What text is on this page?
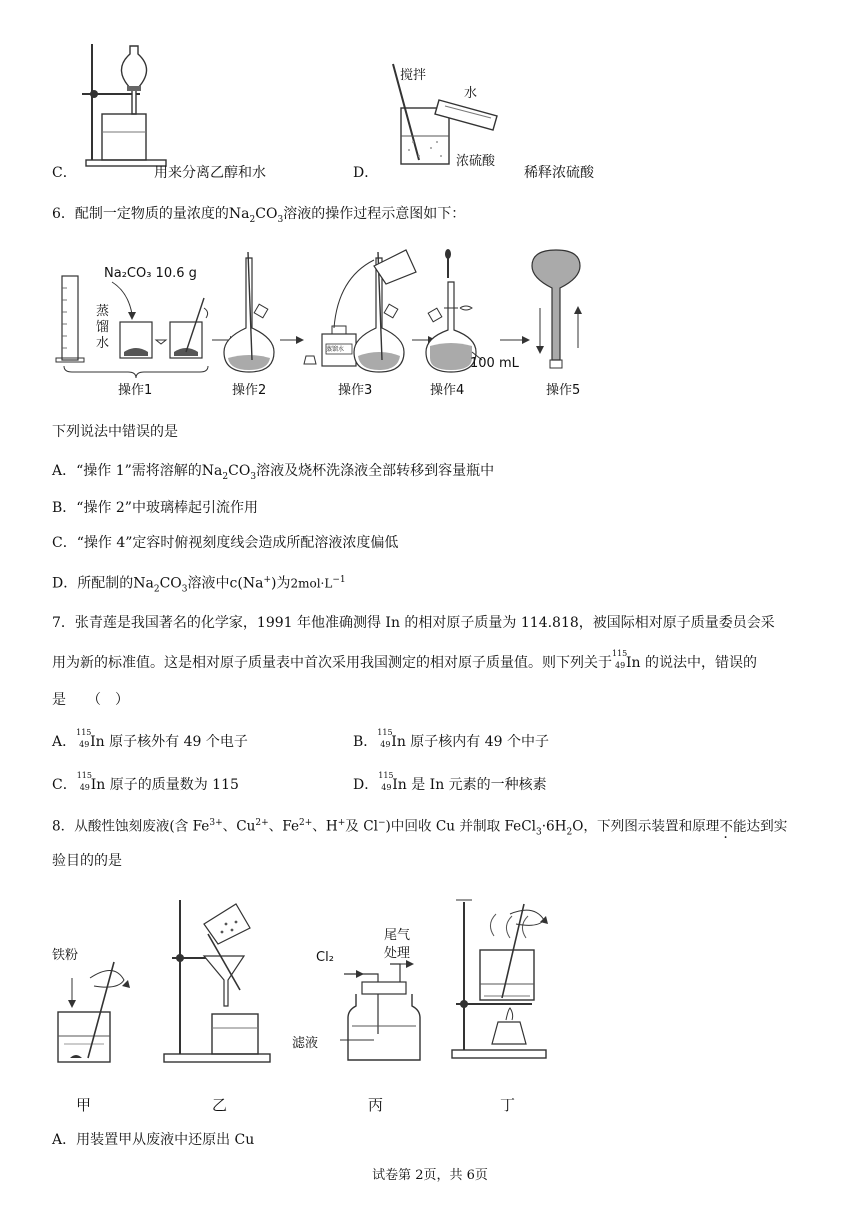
搅拌
水
浓硫酸
C．	用来分离乙醇和水	D．	稀释浓硫酸
6．配制一定物质的量浓度的$Na_2CO_3$溶液的操作过程示意图如下：
Na₂CO₃ 10.6 g
蒸馏水	蒸馏水
100 mL
操作1	操作2	操作3	操作4	操作5
下列说法中错误的是
A．“操作 1”需将溶解的$Na_2CO_3$溶液及烧杯洗涤液全部转移到容量瓶中
B．“操作 2”中玻璃棒起引流作用
C．“操作 4”定容时俯视刻度线会造成所配溶液浓度偏低
D．所配制的$Na_2CO_3$溶液中c(Na+)为$2mol\cdot L^{-1}$
7．张青莲是我国著名的化学家，1991 年他准确测得 In 的相对原子质量为 114.818，被国际相对原子质量委员会采
用为新的标准值。这是相对原子质量表中首次采用我国测定的相对原子质量值。则下列关于
115
49 In 的说法中，错误的
是　　（　）
A．
115
49 In 原子核外有 49 个电子	B．
115
49 In 原子核内有 49 个中子
C．
115
49 In 原子的质量数为 115	D．
115
49 In 是 In 元素的一种核素
8．从酸性蚀刻废液(含 $Fe^{3+}$、$Cu^{2+}$、$Fe^{2+}$、H+及 Cl−)中回收 Cu 并制取 $FeCl_3\cdot 6H_2O$，下列图示装置和原理不能达到实
验目的的是
铁粉	Cl₂
尾气
处理
滤液
甲	乙	丙	丁
A．用装置甲从废液中还原出 Cu
试卷第 2页，共 6页
